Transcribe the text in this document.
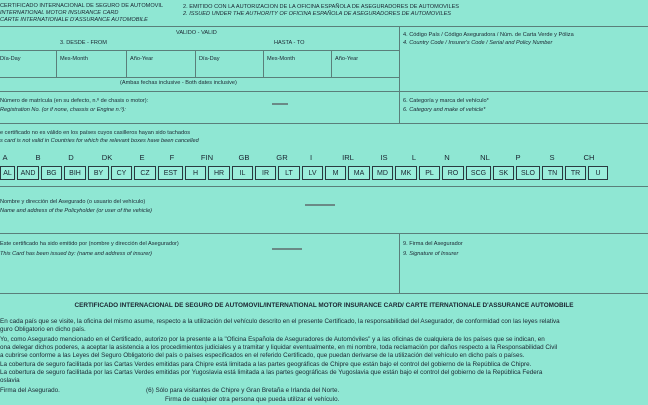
CERTIFICADO INTERNACIONAL DE SEGURO DE AUTOMOVIL
INTERNATIONAL MOTOR INSURANCE CARD
CARTE INTERNATIONALE D'ASSURANCE AUTOMOBILE
2. EMITIDO CON LA AUTORIZACION DE LA OFICINA ESPAÑOLA DE ASEGURADORES DE AUTOMOVILES
2. ISSUED UNDER THE AUTHORITY OF OFICINA ESPAÑOLA DE ASEGURADORES DE AUTOMOVILES
VALIDO - VALID
3. DESDE - FROM	HASTA - TO
Día-Day	Mes-Month	Año-Year	Día-Day	Mes-Month	Año-Year
(Ambas fechas inclusive - Both dates inclusive)
4. Código País / Código Aseguradora / Núm. de Carta Verde y Póliza
4. Country Code / Insurer's Code / Serial and Policy Number
Número de matrícula (en su defecto, n.º de chasis o motor):
Registration No. (or if none, chassis or Engine n.º):
6. Categoría y marca del vehículo*
6. Category and make of vehicle*
e certificado no es válido en los países cuyos casilleros hayan sido tachados
s card is not valid in Countries for which the relevant boxes have been cancelled
A	B	D	DK	E	F	FIN	GB	GR	I	IRL	IS	L	N	NL	P	S	CH
AL	AND	BG	BIH	BY	CY	CZ	EST	H	HR	IL	IR	LT	LV	M	MA	MD	MK	PL	RO	SCG	SK	SLO	TN	TR	U
Nombre y dirección del Asegurado (o usuario del vehículo)
Name and address of the Policyholder (or user of the vehicle)
Este certificado ha sido emitido por (nombre y dirección del Asegurador)
This Card has been issued by: (name and address of insurer)
9. Firma del Asegurador
9. Signature of Insurer
CERTIFICADO INTERNACIONAL DE SEGURO DE AUTOMOVIL/INTERNATIONAL MOTOR INSURANCE CARD/ CARTE ITERNATIONALE D'ASSURANCE AUTOMOBILE
En cada país que se visite, la oficina del mismo asume, respecto a la utilización del vehículo descrito en el presente Certificado, la responsabilidad del Asegurador, de conformidad con las leyes relativa
guro Obligatorio en dicho país.
Yo, como Asegurado mencionado en el Certificado, autorizo por la presente a la "Oficina Española de Aseguradores de Automóviles" y a las oficinas de cualquiera de los países que se indican, en
ona delegar dichos poderes, a aceptar la asistencia a los procedimientos judiciales y a tramitar y liquidar eventualmente, en mi nombre, toda reclamación por daños respecto a la Responsabilidad Civil
a cubrirse conforme a las Leyes del Seguro Obligatorio del país o países especificados en el referido Certificado, que puedan derivarse de la utilización del vehículo en dicho país o países.
La cobertura de seguro facilitada por las Cartas Verdes emitidas para Chipre está limitada a las partes geográficas de Chipre que están bajo el control del gobierno de la República de Chipre.
La cobertura de seguro facilitada por las Cartas Verdes emitidas por Yugoslavia está limitada a las partes geográficas de Yugoslavia que están bajo el control del gobierno de la República Federa
oslavia
Firma del Asegurado.	(6) Sólo para visitantes de Chipre y Gran Bretaña e Irlanda del Norte.
Firma de cualquier otra persona que pueda utilizar el vehículo.
